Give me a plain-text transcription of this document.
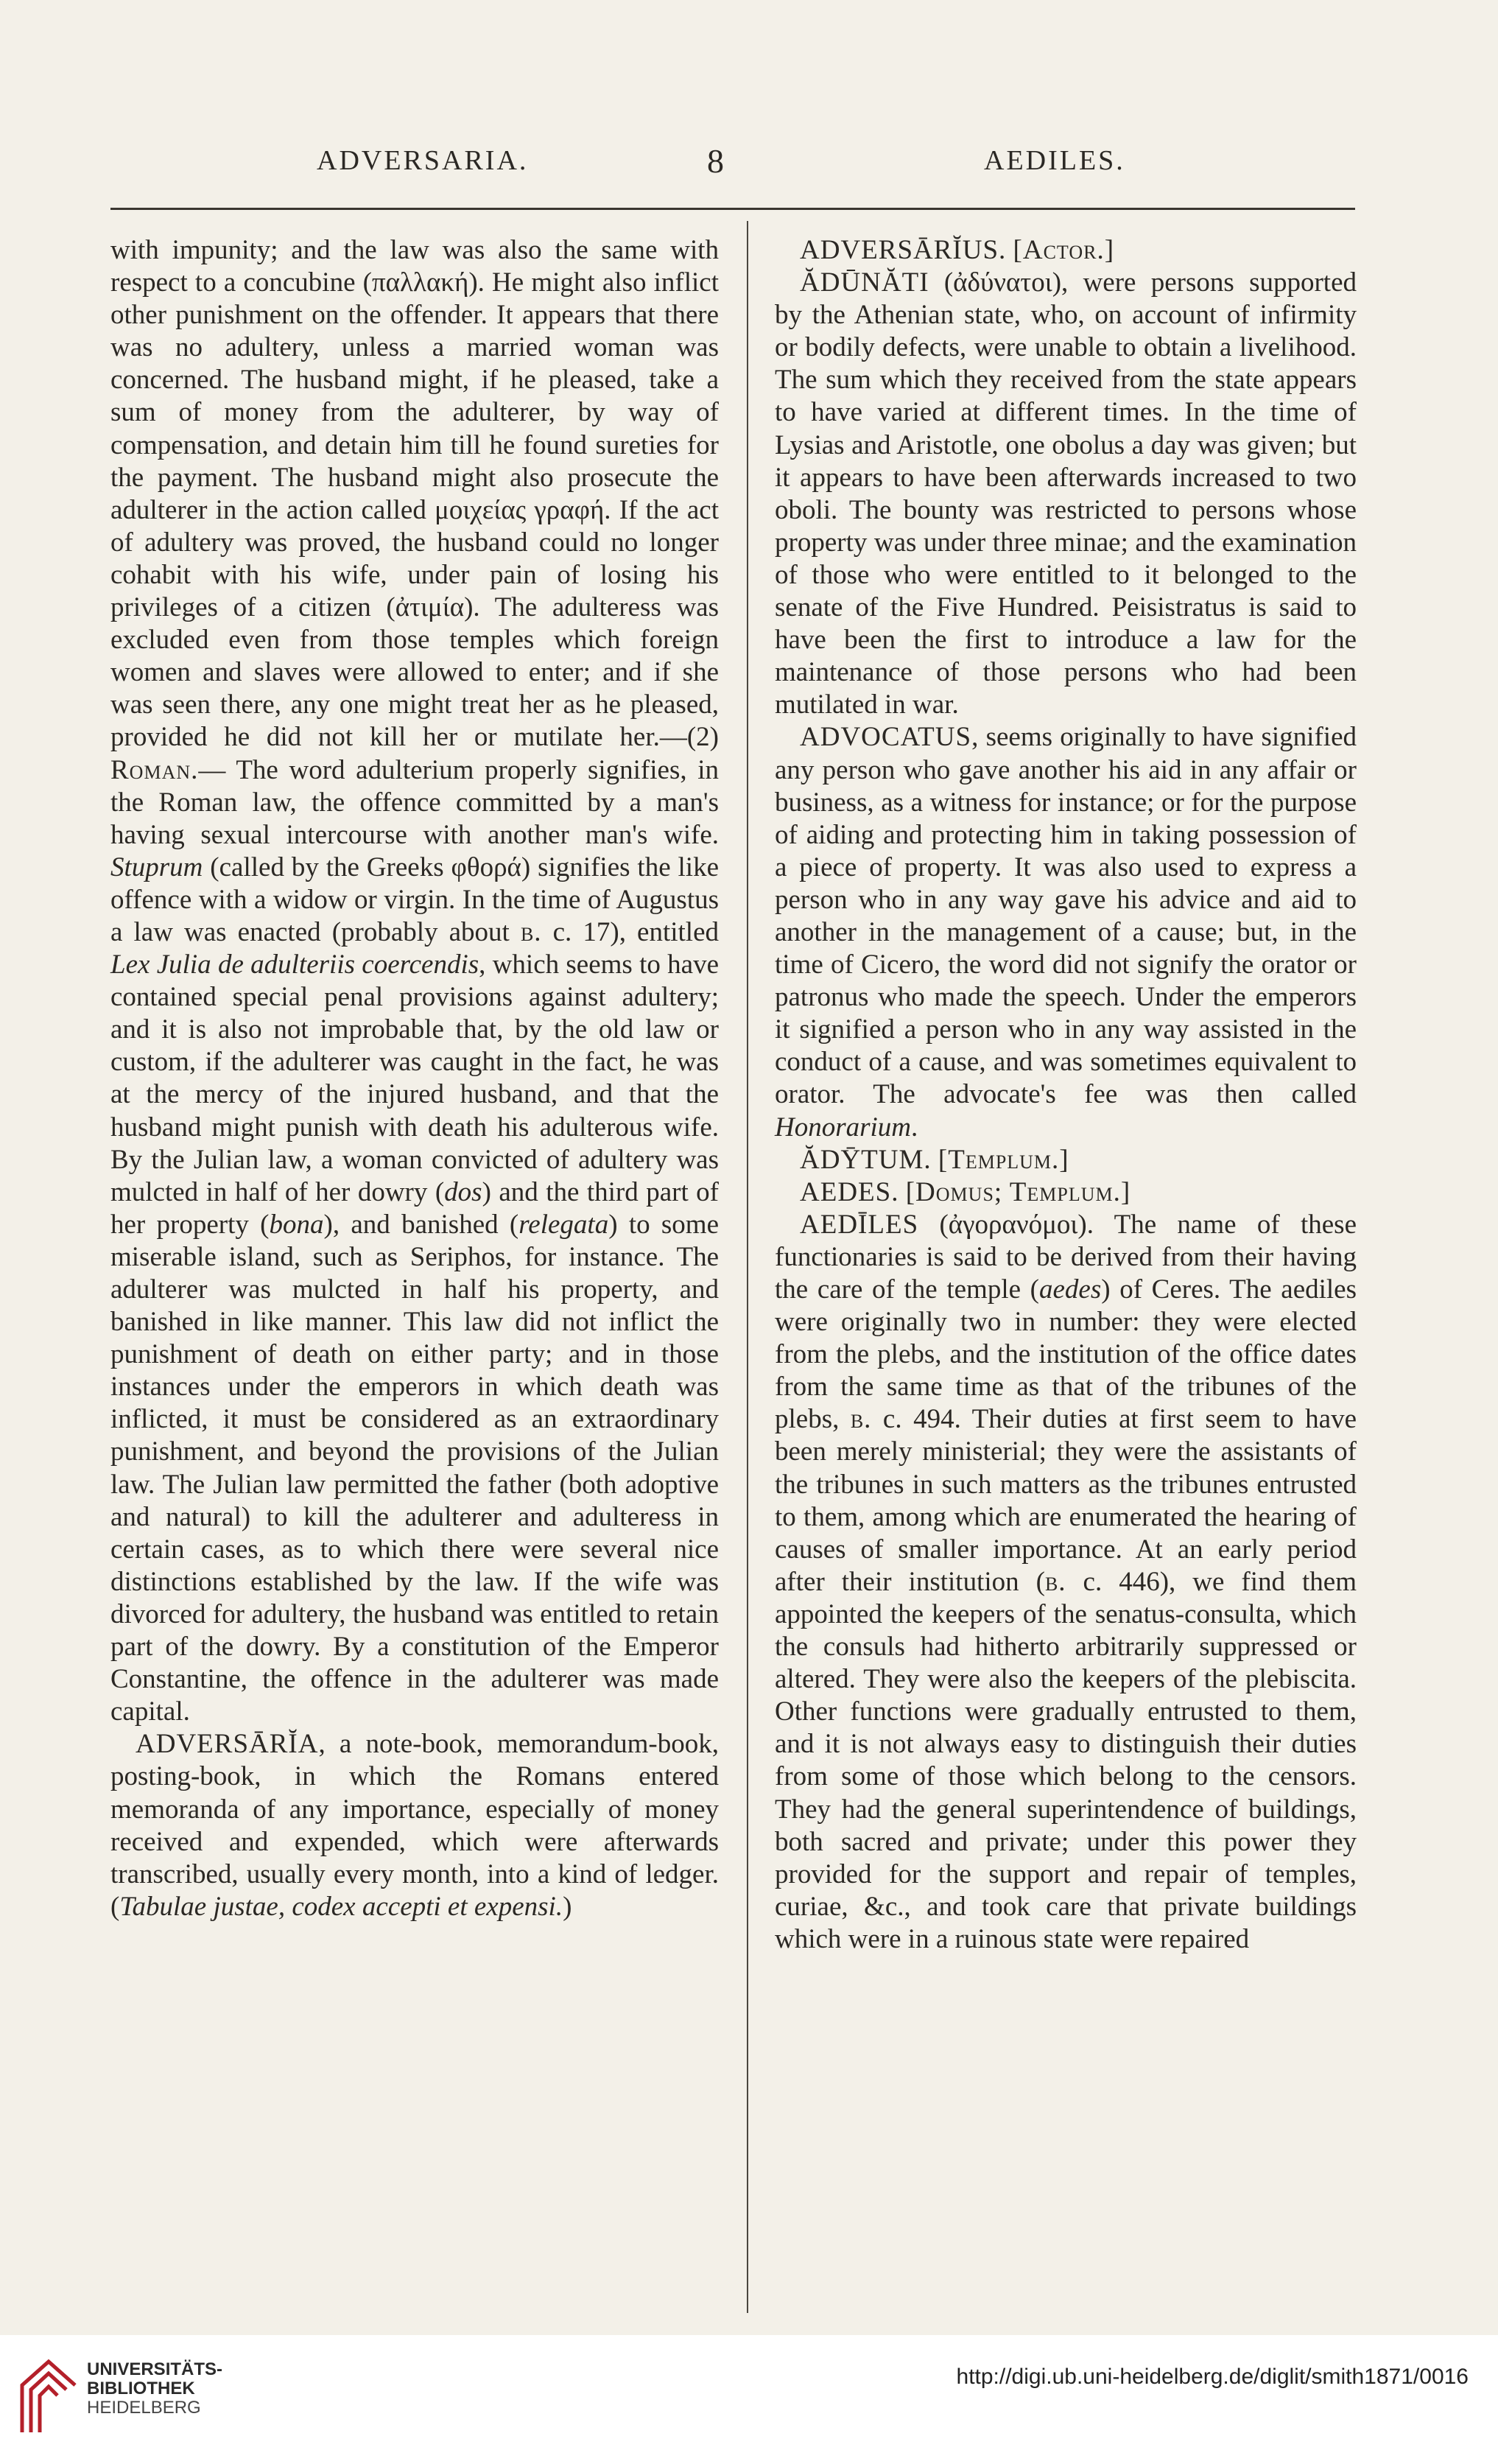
ADVERSARIA.	8	AEDILES.

with impunity; and the law was also the same with respect to a concubine (παλλακή). He might also inflict other punishment on the offender. It appears that there was no adultery, unless a married woman was concerned. The husband might, if he pleased, take a sum of money from the adulterer, by way of compensation, and detain him till he found sureties for the payment. The husband might also prosecute the adulterer in the action called μοιχείας γραφή. If the act of adultery was proved, the husband could no longer cohabit with his wife, under pain of losing his privileges of a citizen (ἀτιμία). The adulteress was excluded even from those temples which foreign women and slaves were allowed to enter; and if she was seen there, any one might treat her as he pleased, provided he did not kill her or mutilate her.—(2) Roman.— The word adulterium properly signifies, in the Roman law, the offence committed by a man's having sexual intercourse with another man's wife. Stuprum (called by the Greeks φθορά) signifies the like offence with a widow or virgin. In the time of Augustus a law was enacted (probably about b. c. 17), entitled Lex Julia de adulteriis coercendis, which seems to have contained special penal provisions against adultery; and it is also not improbable that, by the old law or custom, if the adulterer was caught in the fact, he was at the mercy of the injured husband, and that the husband might punish with death his adulterous wife. By the Julian law, a woman convicted of adultery was mulcted in half of her dowry (dos) and the third part of her property (bona), and banished (relegata) to some miserable island, such as Seriphos, for instance. The adulterer was mulcted in half his property, and banished in like manner. This law did not inflict the punishment of death on either party; and in those instances under the emperors in which death was inflicted, it must be considered as an extraordinary punishment, and beyond the provisions of the Julian law. The Julian law permitted the father (both adoptive and natural) to kill the adulterer and adulteress in certain cases, as to which there were several nice distinctions established by the law. If the wife was divorced for adultery, the husband was entitled to retain part of the dowry. By a constitution of the Emperor Constantine, the offence in the adulterer was made capital.

ADVERSĀRĬA, a note-book, memorandum-book, posting-book, in which the Romans entered memoranda of any importance, especially of money received and expended, which were afterwards transcribed, usually every month, into a kind of ledger. (Tabulae justae, codex accepti et expensi.)

ADVERSĀRĬUS. [Actor.]

ĂDŪNĂTI (ἀδύνατοι), were persons supported by the Athenian state, who, on account of infirmity or bodily defects, were unable to obtain a livelihood. The sum which they received from the state appears to have varied at different times. In the time of Lysias and Aristotle, one obolus a day was given; but it appears to have been afterwards increased to two oboli. The bounty was restricted to persons whose property was under three minae; and the examination of those who were entitled to it belonged to the senate of the Five Hundred. Peisistratus is said to have been the first to introduce a law for the maintenance of those persons who had been mutilated in war.

ADVOCATUS, seems originally to have signified any person who gave another his aid in any affair or business, as a witness for instance; or for the purpose of aiding and protecting him in taking possession of a piece of property. It was also used to express a person who in any way gave his advice and aid to another in the management of a cause; but, in the time of Cicero, the word did not signify the orator or patronus who made the speech. Under the emperors it signified a person who in any way assisted in the conduct of a cause, and was sometimes equivalent to orator. The advocate's fee was then called Honorarium.

ĂDȲTUM. [Templum.]

AEDES. [Domus; Templum.]

AEDĪLES (ἀγορανόμοι). The name of these functionaries is said to be derived from their having the care of the temple (aedes) of Ceres. The aediles were originally two in number: they were elected from the plebs, and the institution of the office dates from the same time as that of the tribunes of the plebs, b. c. 494. Their duties at first seem to have been merely ministerial; they were the assistants of the tribunes in such matters as the tribunes entrusted to them, among which are enumerated the hearing of causes of smaller importance. At an early period after their institution (b. c. 446), we find them appointed the keepers of the senatus-consulta, which the consuls had hitherto arbitrarily suppressed or altered. They were also the keepers of the plebiscita. Other functions were gradually entrusted to them, and it is not always easy to distinguish their duties from some of those which belong to the censors. They had the general superintendence of buildings, both sacred and private; under this power they provided for the support and repair of temples, curiae, &c., and took care that private buildings which were in a ruinous state were repaired

UNIVERSITÄTS-
BIBLIOTHEK
HEIDELBERG
http://digi.ub.uni-heidelberg.de/diglit/smith1871/0016
